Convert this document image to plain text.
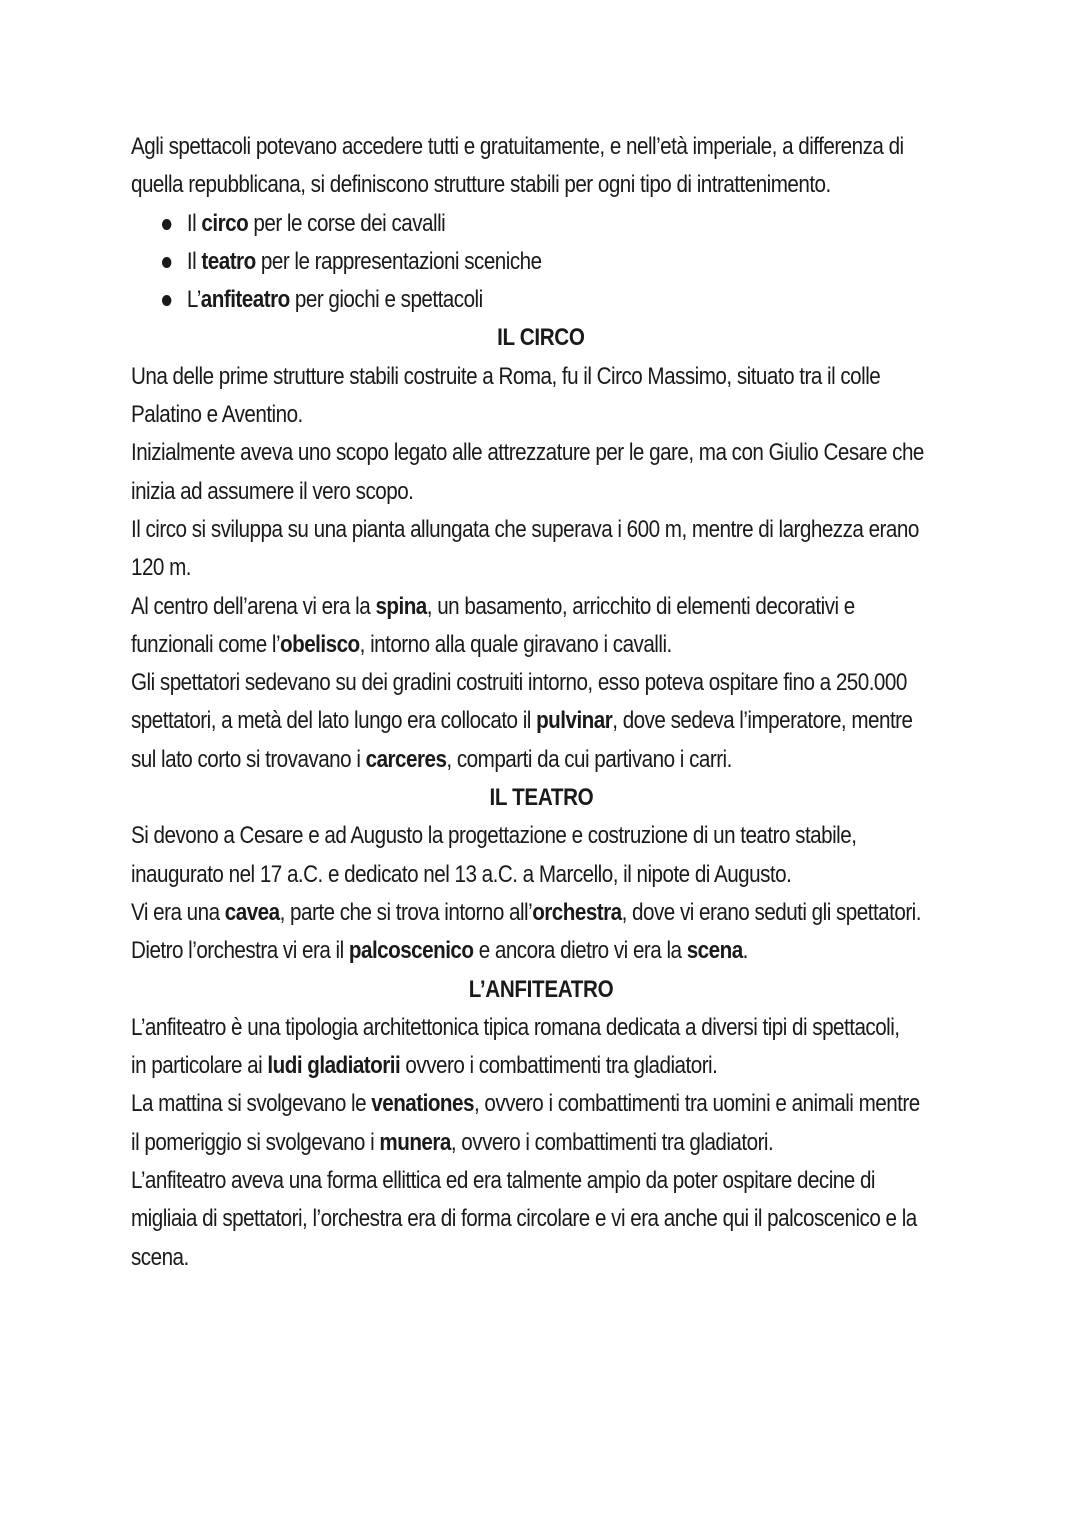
Agli spettacoli potevano accedere tutti e gratuitamente, e nell’età imperiale, a differenza di
quella repubblicana, si definiscono strutture stabili per ogni tipo di intrattenimento.
Il circo per le corse dei cavalli
Il teatro per le rappresentazioni sceniche
L’anfiteatro per giochi e spettacoli
IL CIRCO
Una delle prime strutture stabili costruite a Roma, fu il Circo Massimo, situato tra il colle
Palatino e Aventino.
Inizialmente aveva uno scopo legato alle attrezzature per le gare, ma con Giulio Cesare che
inizia ad assumere il vero scopo.
Il circo si sviluppa su una pianta allungata che superava i 600 m, mentre di larghezza erano
120 m.
Al centro dell’arena vi era la spina, un basamento, arricchito di elementi decorativi e
funzionali come l’obelisco, intorno alla quale giravano i cavalli.
Gli spettatori sedevano su dei gradini costruiti intorno, esso poteva ospitare fino a 250.000
spettatori, a metà del lato lungo era collocato il pulvinar, dove sedeva l’imperatore, mentre
sul lato corto si trovavano i carceres, comparti da cui partivano i carri.
IL TEATRO
Si devono a Cesare e ad Augusto la progettazione e costruzione di un teatro stabile,
inaugurato nel 17 a.C. e dedicato nel 13 a.C. a Marcello, il nipote di Augusto.
Vi era una cavea, parte che si trova intorno all’orchestra, dove vi erano seduti gli spettatori.
Dietro l’orchestra vi era il palcoscenico e ancora dietro vi era la scena.
L’ANFITEATRO
L’anfiteatro è una tipologia architettonica tipica romana dedicata a diversi tipi di spettacoli,
in particolare ai ludi gladiatorii ovvero i combattimenti tra gladiatori.
La mattina si svolgevano le venationes, ovvero i combattimenti tra uomini e animali mentre
il pomeriggio si svolgevano i munera, ovvero i combattimenti tra gladiatori.
L’anfiteatro aveva una forma ellittica ed era talmente ampio da poter ospitare decine di
migliaia di spettatori, l’orchestra era di forma circolare e vi era anche qui il palcoscenico e la
scena.
